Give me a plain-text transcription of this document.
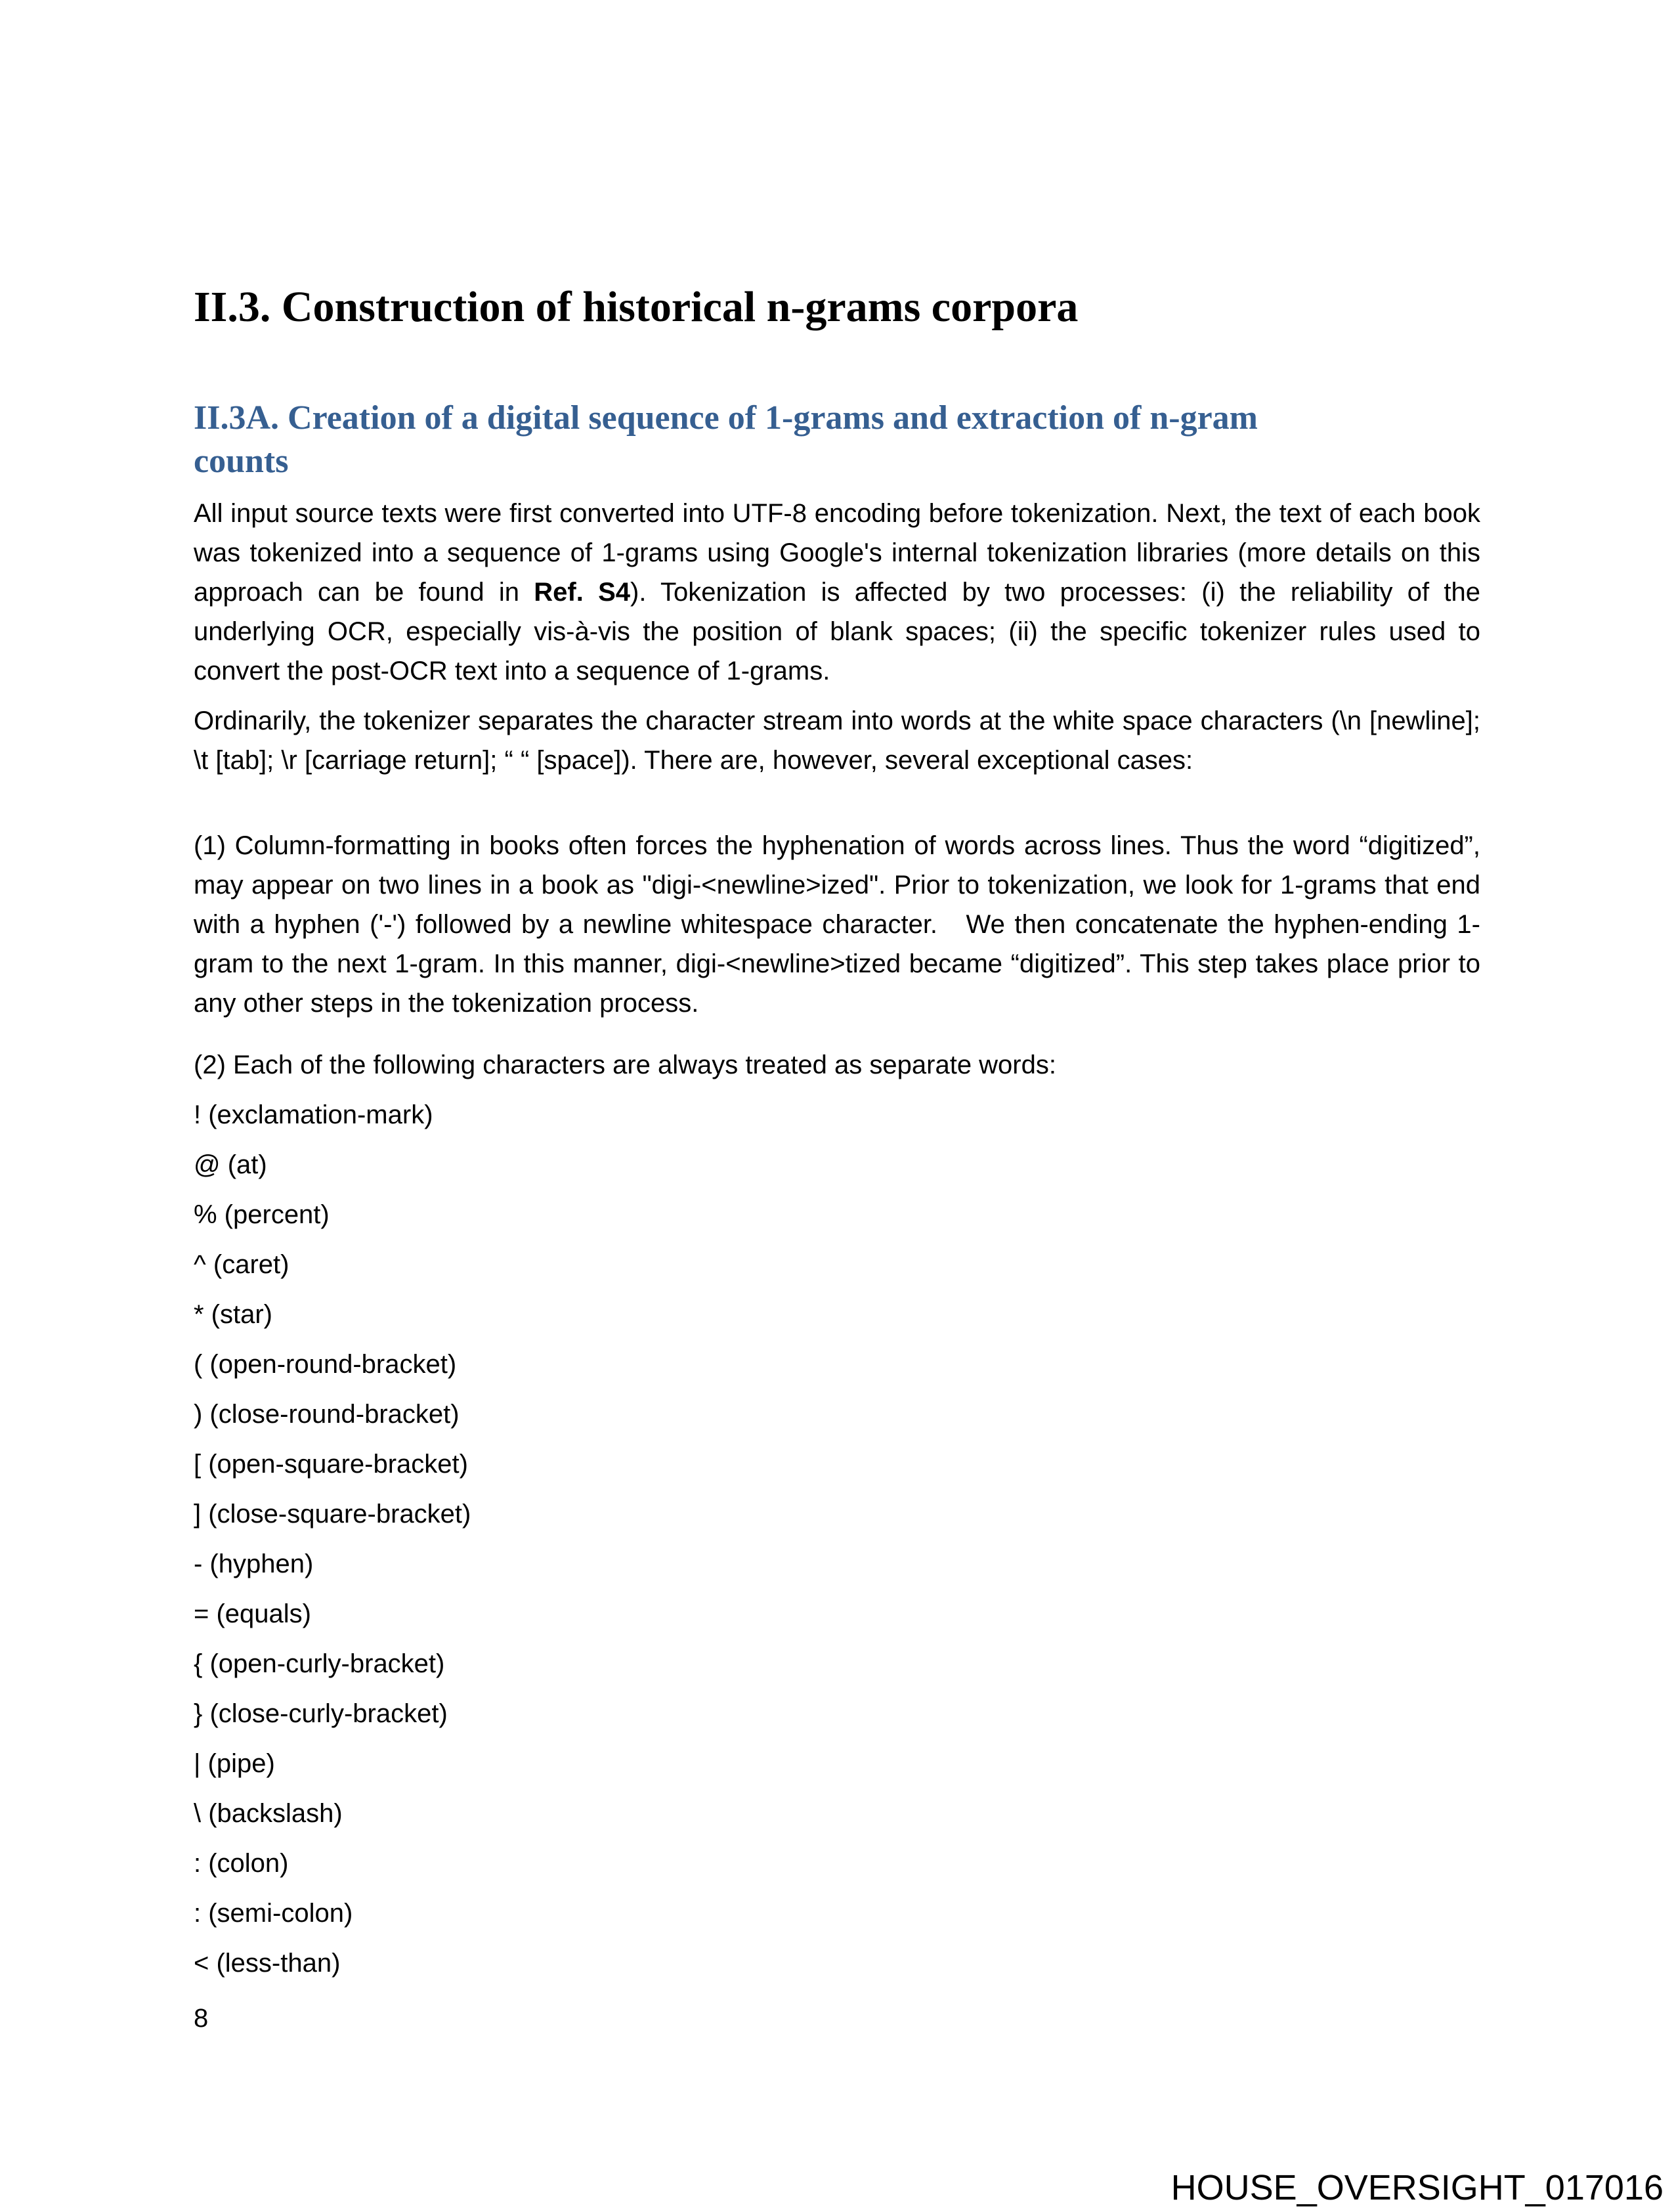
II.3. Construction of historical n-grams corpora
II.3A. Creation of a digital sequence of 1-grams and extraction of n-gram
counts

All input source texts were first converted into UTF-8 encoding before tokenization. Next, the text of each book was tokenized into a sequence of 1-grams using Google's internal tokenization libraries (more details on this approach can be found in Ref. S4). Tokenization is affected by two processes: (i) the reliability of the underlying OCR, especially vis-à-vis the position of blank spaces; (ii) the specific tokenizer rules used to convert the post-OCR text into a sequence of 1-grams.

Ordinarily, the tokenizer separates the character stream into words at the white space characters (\n [newline]; \t [tab]; \r [carriage return]; “ “ [space]). There are, however, several exceptional cases:

(1) Column-formatting in books often forces the hyphenation of words across lines. Thus the word “digitized”, may appear on two lines in a book as "digi-<newline>ized". Prior to tokenization, we look for 1-grams that end with a hyphen ('-') followed by a newline whitespace character.   We then concatenate the hyphen-ending 1-gram to the next 1-gram. In this manner, digi-<newline>tized became “digitized”. This step takes place prior to any other steps in the tokenization process.

(2) Each of the following characters are always treated as separate words:

! (exclamation-mark)

@ (at)

% (percent)

^ (caret)

* (star)

( (open-round-bracket)

) (close-round-bracket)

[ (open-square-bracket)

] (close-square-bracket)

- (hyphen)

= (equals)

{ (open-curly-bracket)

} (close-curly-bracket)

| (pipe)

\ (backslash)

: (colon)

: (semi-colon)

< (less-than)

8

HOUSE_OVERSIGHT_017016
